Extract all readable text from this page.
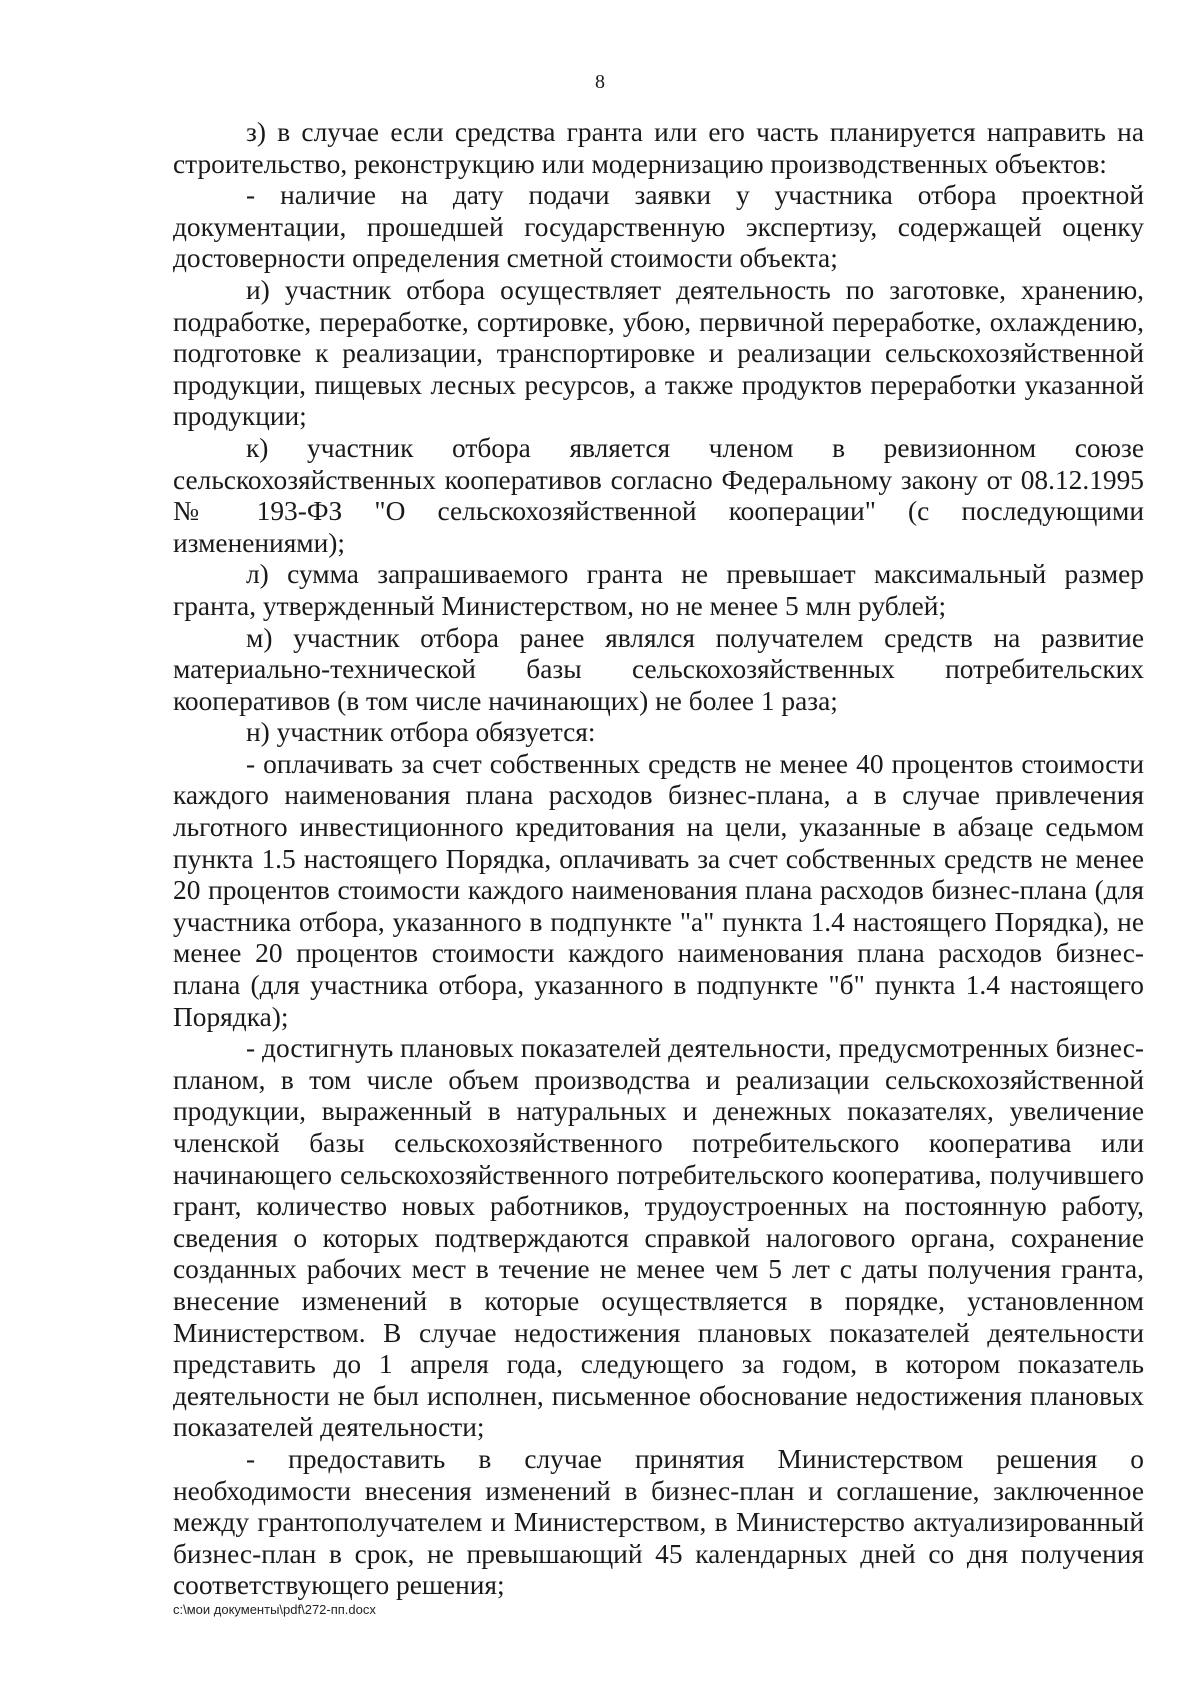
8

з) в случае если средства гранта или его часть планируется направить на строительство, реконструкцию или модернизацию производственных объектов:

- наличие на дату подачи заявки у участника отбора проектной документации, прошедшей государственную экспертизу, содержащей оценку достоверности определения сметной стоимости объекта;

и) участник отбора осуществляет деятельность по заготовке, хранению, подработке, переработке, сортировке, убою, первичной переработке, охлаждению, подготовке к реализации, транспортировке и реализации сельскохозяйственной продукции, пищевых лесных ресурсов, а также продуктов переработки указанной продукции;

к) участник отбора является членом в ревизионном союзе сельскохозяйственных кооперативов согласно Федеральному закону от 08.12.1995 № 193-ФЗ "О сельскохозяйственной кооперации" (с последующими изменениями);

л) сумма запрашиваемого гранта не превышает максимальный размер гранта, утвержденный Министерством, но не менее 5 млн рублей;

м) участник отбора ранее являлся получателем средств на развитие материально-технической базы сельскохозяйственных потребительских кооперативов (в том числе начинающих) не более 1 раза;

н) участник отбора обязуется:

- оплачивать за счет собственных средств не менее 40 процентов стоимости каждого наименования плана расходов бизнес-плана, а в случае привлечения льготного инвестиционного кредитования на цели, указанные в абзаце седьмом пункта 1.5 настоящего Порядка, оплачивать за счет собственных средств не менее 20 процентов стоимости каждого наименования плана расходов бизнес-плана (для участника отбора, указанного в подпункте "а" пункта 1.4 настоящего Порядка), не менее 20 процентов стоимости каждого наименования плана расходов бизнес-плана (для участника отбора, указанного в подпункте "б" пункта 1.4 настоящего Порядка);

- достигнуть плановых показателей деятельности, предусмотренных бизнес-планом, в том числе объем производства и реализации сельскохозяйственной продукции, выраженный в натуральных и денежных показателях, увеличение членской базы сельскохозяйственного потребительского кооператива или начинающего сельскохозяйственного потребительского кооператива, получившего грант, количество новых работников, трудоустроенных на постоянную работу, сведения о которых подтверждаются справкой налогового органа, сохранение созданных рабочих мест в течение не менее чем 5 лет с даты получения гранта, внесение изменений в которые осуществляется в порядке, установленном Министерством. В случае недостижения плановых показателей деятельности представить до 1 апреля года, следующего за годом, в котором показатель деятельности не был исполнен, письменное обоснование недостижения плановых показателей деятельности;

- предоставить в случае принятия Министерством решения о необходимости внесения изменений в бизнес-план и соглашение, заключенное между грантополучателем и Министерством, в Министерство актуализированный бизнес-план в срок, не превышающий 45 календарных дней со дня получения соответствующего решения;

c:\мои документы\pdf\272-пп.docx
